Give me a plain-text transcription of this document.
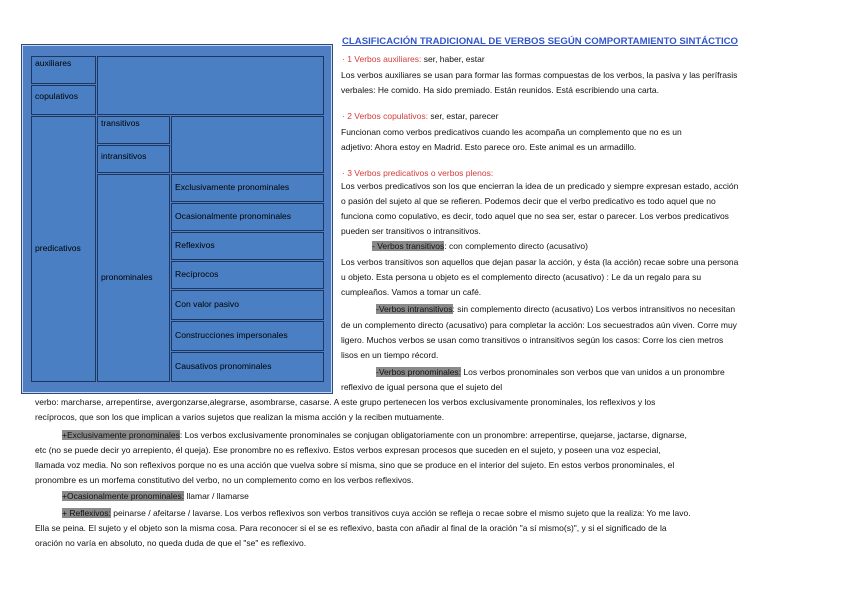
auxiliares
copulativos
predicativos
transitivos
intransitivos
pronominales
Exclusivamente pronominales
Ocasionalmente pronominales
Reflexivos
Recíprocos
Con valor pasivo
Construcciones impersonales
Causativos pronominales
CLASIFICACIÓN TRADICIONAL DE VERBOS SEGÚN COMPORTAMIENTO SINTÁCTICO
· 1 Verbos auxiliares: ser, haber, estar
Los verbos auxiliares se usan para formar las formas compuestas de los verbos, la pasiva y las perífrasis
verbales: He comido. Ha sido premiado. Están reunidos. Está escribiendo una carta.
· 2 Verbos copulativos: ser, estar, parecer
Funcionan como verbos predicativos cuando les acompaña un complemento que no es un
adjetivo: Ahora estoy en Madrid. Esto parece oro. Este animal es un armadillo.
· 3 Verbos predicativos o verbos plenos:
Los verbos predicativos son los que encierran la idea de un predicado y siempre expresan estado, acción
o pasión del sujeto al que se refieren. Podemos decir que el verbo predicativo es todo aquel que no
funciona como copulativo, es decir, todo aquel que no sea ser, estar o parecer. Los verbos predicativos
pueden ser transitivos o intransitivos.
- Verbos transitivos: con complemento directo (acusativo)
Los verbos transitivos son aquellos que dejan pasar la acción, y ésta (la acción) recae sobre una persona
u objeto. Esta persona u objeto es el complemento directo (acusativo) : Le da un regalo para su
cumpleaños. Vamos a tomar un café.
-Verbos intransitivos: sin complemento directo (acusativo) Los verbos intransitivos no necesitan
de un complemento directo (acusativo) para completar la acción: Los secuestrados aún viven. Corre muy
ligero. Muchos verbos se usan como transitivos o intransitivos según los casos: Corre los cien metros
lisos en un tiempo récord.
-Verbos pronominales: Los verbos pronominales son verbos que van unidos a un pronombre
reflexivo de igual persona que el sujeto del
verbo: marcharse, arrepentirse, avergonzarse,alegrarse, asombrarse, casarse. A este grupo pertenecen los verbos exclusivamente pronominales, los reflexivos y los
recíprocos, que son los que implican a varios sujetos que realizan la misma acción y la reciben mutuamente.
+Exclusivamente pronominales: Los verbos exclusivamente pronominales se conjugan obligatoriamente con un pronombre: arrepentirse, quejarse, jactarse, dignarse,
etc (no se puede decir yo arrepiento, él queja). Ese pronombre no es reflexivo. Estos verbos expresan procesos que suceden en el sujeto, y poseen una voz especial,
llamada voz media. No son reflexivos porque no es una acción que vuelva sobre sí misma, sino que se produce en el interior del sujeto. En estos verbos pronominales, el
pronombre es un morfema constitutivo del verbo, no un complemento como en los verbos reflexivos.
+Ocasionalmente pronominales: llamar / llamarse
+ Reflexivos: peinarse / afeitarse / lavarse. Los verbos reflexivos son verbos transitivos cuya acción se refleja o recae sobre el mismo sujeto que la realiza: Yo me lavo.
Ella se peina. El sujeto y el objeto son la misma cosa. Para reconocer si el se es reflexivo, basta con añadir al final de la oración "a sí mismo(s)", y si el significado de la
oración no varía en absoluto, no queda duda de que el "se" es reflexivo.
